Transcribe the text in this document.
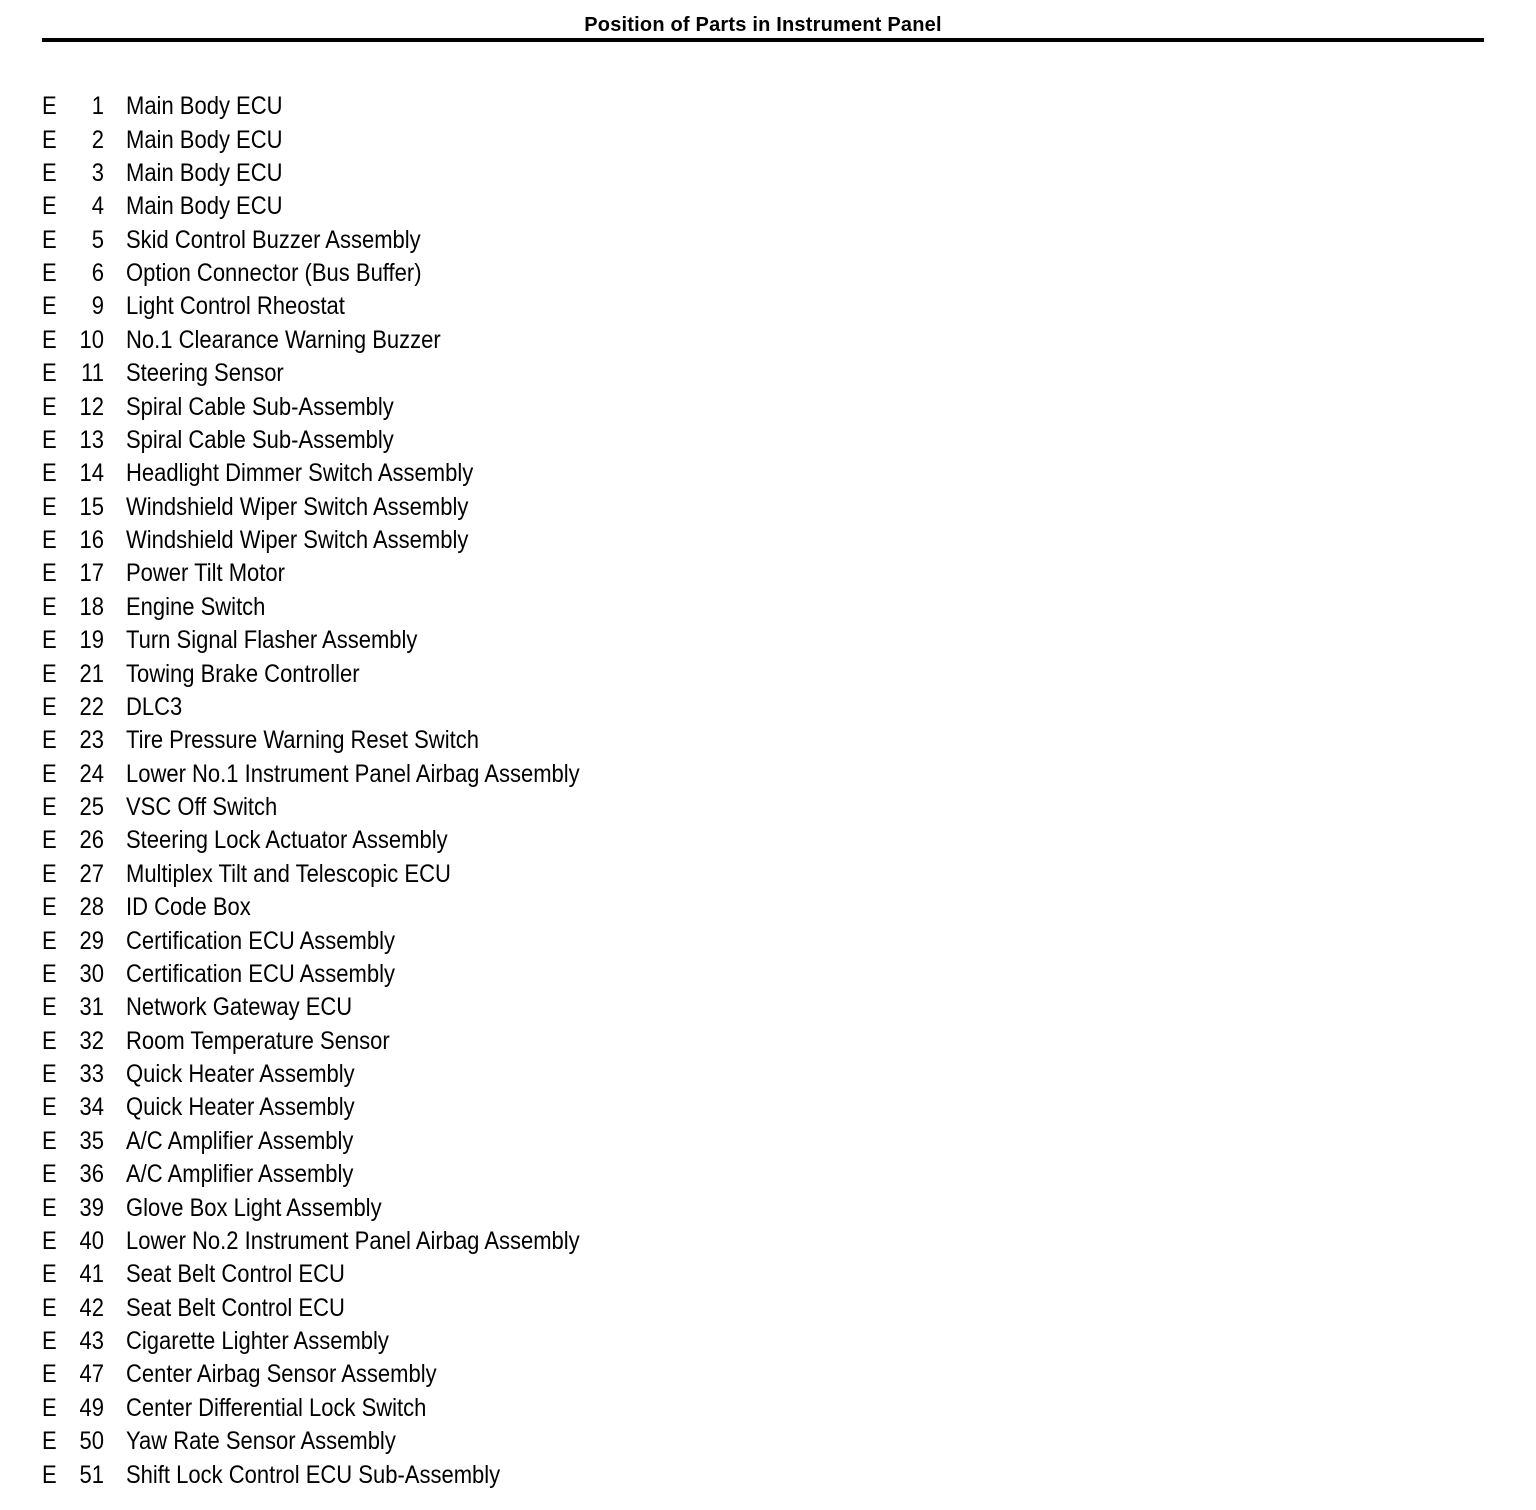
Position of Parts in Instrument Panel
E	1 Main Body ECU
E	2 Main Body ECU
E	3 Main Body ECU
E	4 Main Body ECU
E	5 Skid Control Buzzer Assembly
E	6 Option Connector (Bus Buffer)
E	9 Light Control Rheostat
E 10 No.1 Clearance Warning Buzzer
E 11 Steering Sensor
E 12 Spiral Cable Sub-Assembly
E 13 Spiral Cable Sub-Assembly
E 14 Headlight Dimmer Switch Assembly
E 15 Windshield Wiper Switch Assembly
E 16 Windshield Wiper Switch Assembly
E 17 Power Tilt Motor
E 18 Engine Switch
E 19 Turn Signal Flasher Assembly
E 21 Towing Brake Controller
E 22 DLC3
E 23 Tire Pressure Warning Reset Switch
E 24 Lower No.1 Instrument Panel Airbag Assembly
E 25 VSC Off Switch
E 26 Steering Lock Actuator Assembly
E 27 Multiplex Tilt and Telescopic ECU
E 28 ID Code Box
E 29 Certification ECU Assembly
E 30 Certification ECU Assembly
E 31 Network Gateway ECU
E 32 Room Temperature Sensor
E 33 Quick Heater Assembly
E 34 Quick Heater Assembly
E 35 A/C Amplifier Assembly
E 36 A/C Amplifier Assembly
E 39 Glove Box Light Assembly
E 40 Lower No.2 Instrument Panel Airbag Assembly
E 41 Seat Belt Control ECU
E 42 Seat Belt Control ECU
E 43 Cigarette Lighter Assembly
E 47 Center Airbag Sensor Assembly
E 49 Center Differential Lock Switch
E 50 Yaw Rate Sensor Assembly
E 51 Shift Lock Control ECU Sub-Assembly
